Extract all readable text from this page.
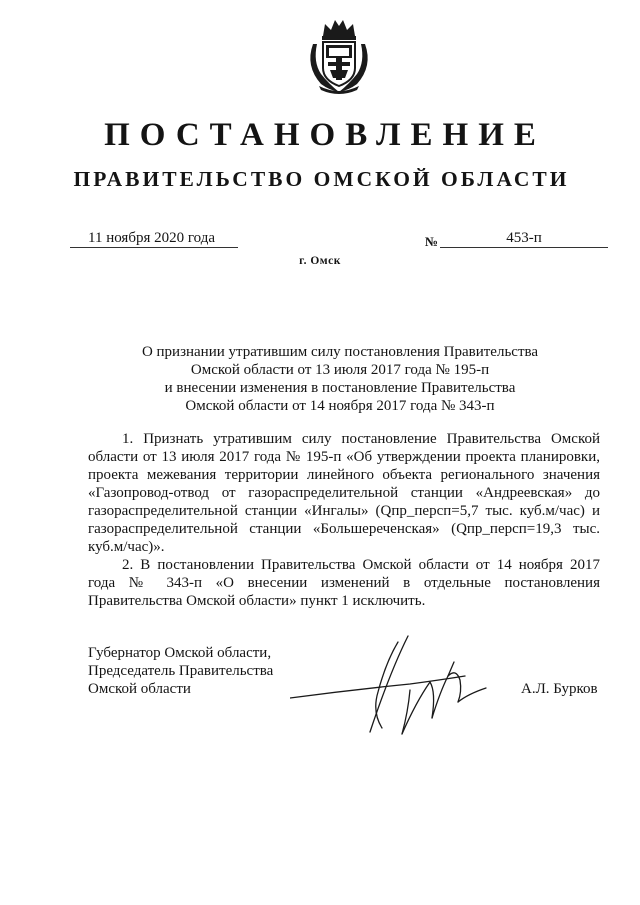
ПОСТАНОВЛЕНИЕ
ПРАВИТЕЛЬСТВО ОМСКОЙ ОБЛАСТИ
11 ноября 2020 года	№	453-п
г. Омск
О признании утратившим силу постановления Правительства
Омской области от 13 июля 2017 года № 195-п
и внесении изменения в постановление Правительства
Омской области от 14 ноября 2017 года № 343-п

1. Признать утратившим силу постановление Правительства Омской области от 13 июля 2017 года № 195-п «Об утверждении проекта планировки, проекта межевания территории линейного объекта регионального значения «Газопровод-отвод от газораспределительной станции «Андреевская» до газораспределительной станции «Ингалы» (Qпр_персп=5,7 тыс. куб.м/час) и газораспределительной станции «Большереченская» (Qпр_персп=19,3 тыс. куб.м/час)».

2. В постановлении Правительства Омской области от 14 ноября 2017 года № 343-п «О внесении изменений в отдельные постановления Правительства Омской области» пункт 1 исключить.

Губернатор Омской области,
Председатель Правительства
Омской области	А.Л. Бурков
